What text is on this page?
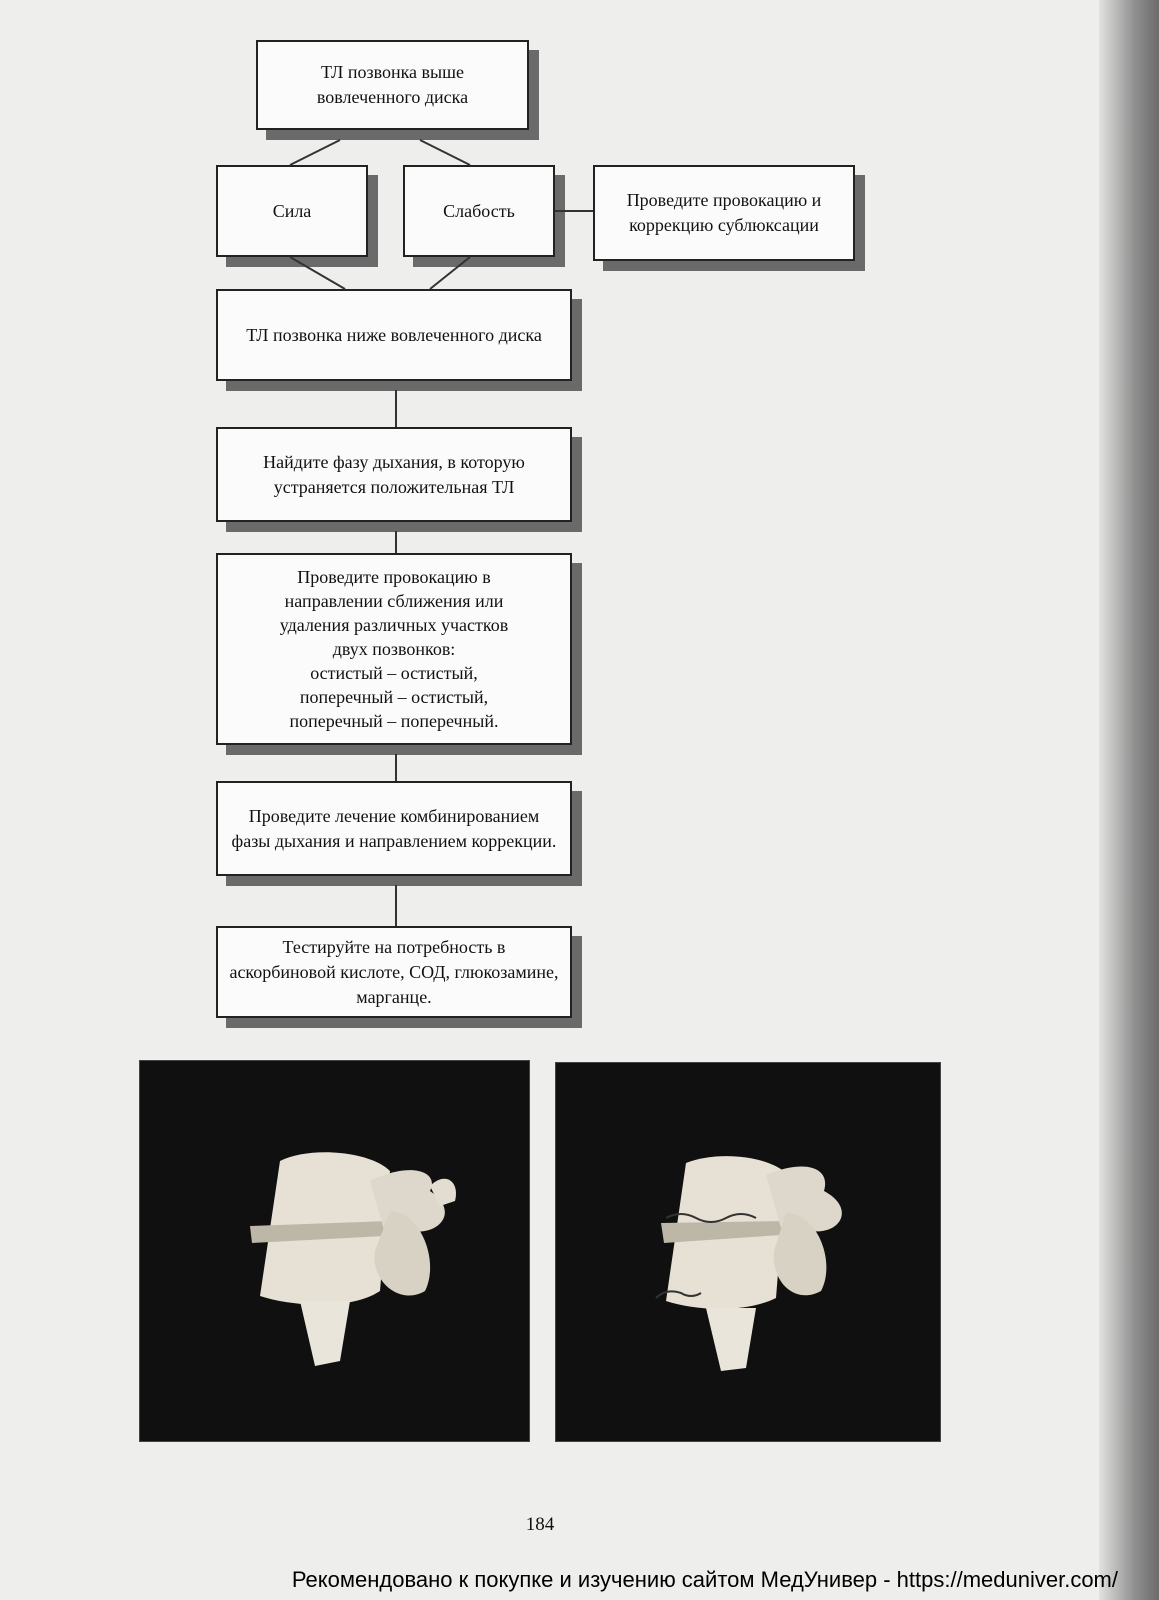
ТЛ позвонка выше вовлеченного диска
Сила	Слабость
Проведите провокацию и коррекцию сублюксации
ТЛ позвонка ниже вовлеченного диска
Найдите фазу дыхания, в которую устраняется положительная ТЛ
Проведите провокацию в
направлении сближения или
удаления различных участков
двух позвонков:
остистый – остистый,
поперечный – остистый,
поперечный – поперечный.
Проведите лечение комбинированием фазы дыхания и направлением коррекции.
Тестируйте на потребность в аскорбиновой кислоте, СОД, глюкозамине, марганце.
184
Рекомендовано к покупке и изучению сайтом МедУнивер - https://meduniver.com/
